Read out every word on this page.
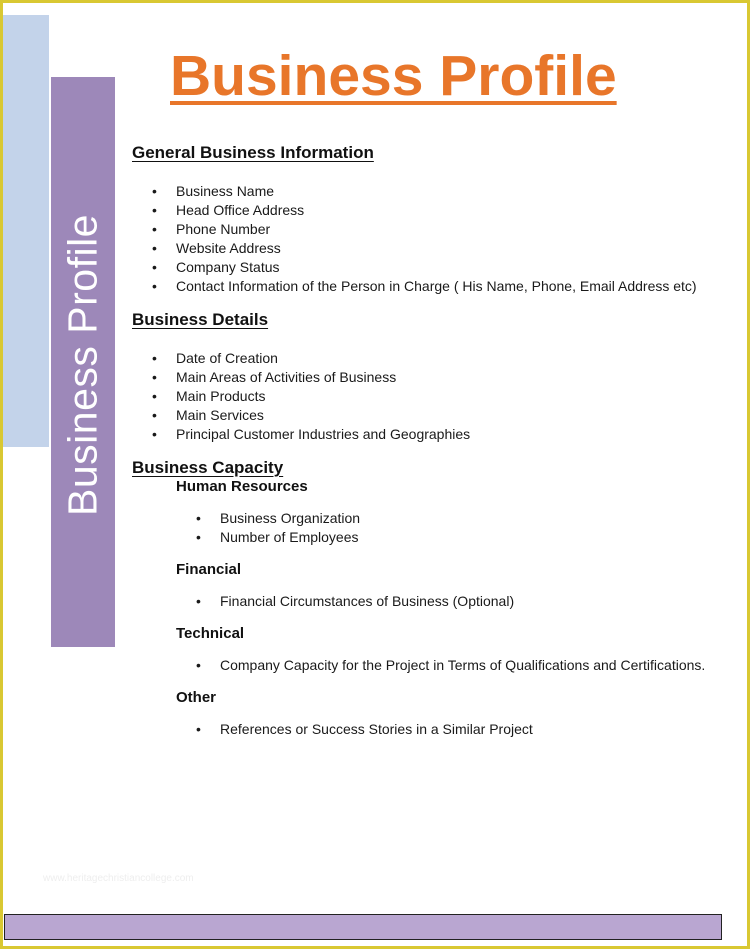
Business Profile
Business Profile
General Business Information
• Business Name
• Head Office Address
• Phone Number
• Website Address
• Company Status
• Contact Information of the Person in Charge ( His Name, Phone, Email Address etc)
Business Details
• Date of Creation
• Main Areas of Activities of Business
• Main Products
• Main Services
• Principal Customer Industries and Geographies
Business Capacity
Human Resources
• Business Organization
• Number of Employees
Financial
• Financial Circumstances of Business (Optional)
Technical
• Company Capacity for the Project in Terms of Qualifications and Certifications.
Other
• References or Success Stories in a Similar Project
www.heritagechristiancollege.com
